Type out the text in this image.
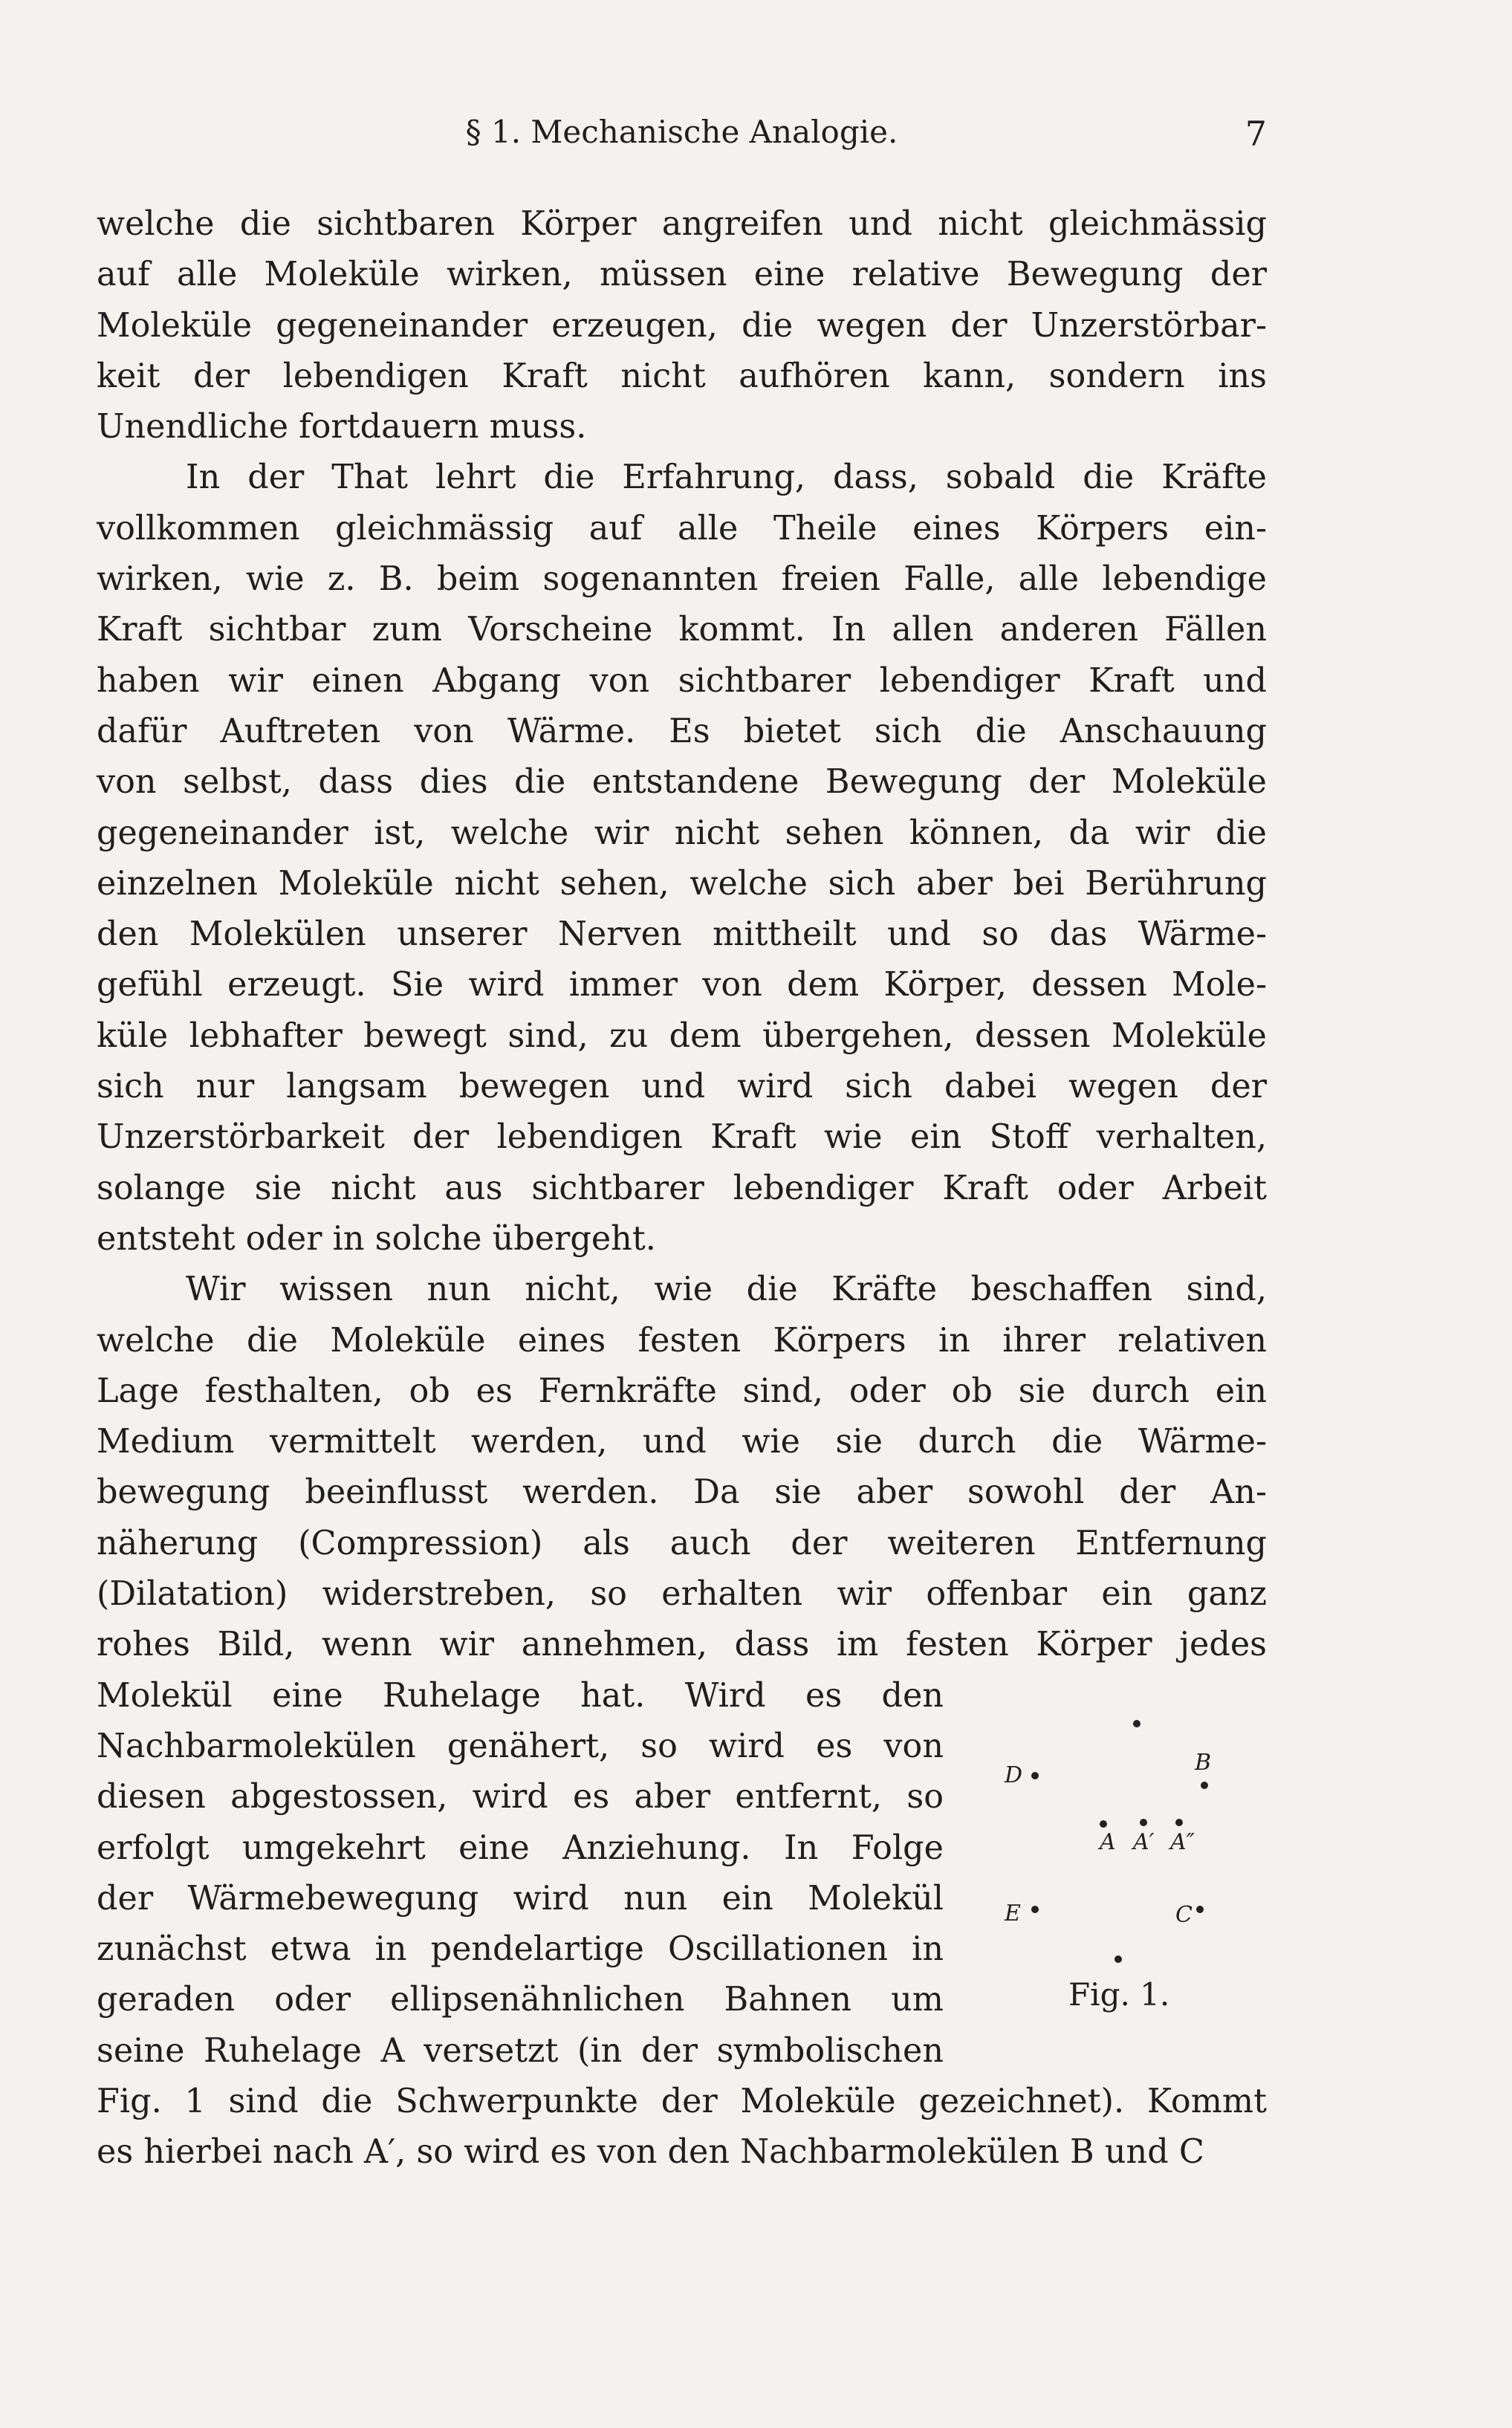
§ 1. Mechanische Analogie.	7

welche die sichtbaren Körper angreifen und nicht gleichmässig
auf alle Moleküle wirken, müssen eine relative Bewegung der
Moleküle gegeneinander erzeugen, die wegen der Unzerstörbar-
keit der lebendigen Kraft nicht aufhören kann, sondern ins
Unendliche fortdauern muss.

In der That lehrt die Erfahrung, dass, sobald die Kräfte
vollkommen gleichmässig auf alle Theile eines Körpers ein-
wirken, wie z. B. beim sogenannten freien Falle, alle lebendige
Kraft sichtbar zum Vorscheine kommt. In allen anderen Fällen
haben wir einen Abgang von sichtbarer lebendiger Kraft und
dafür Auftreten von Wärme. Es bietet sich die Anschauung
von selbst, dass dies die entstandene Bewegung der Moleküle
gegeneinander ist, welche wir nicht sehen können, da wir die
einzelnen Moleküle nicht sehen, welche sich aber bei Berührung
den Molekülen unserer Nerven mittheilt und so das Wärme-
gefühl erzeugt. Sie wird immer von dem Körper, dessen Mole-
küle lebhafter bewegt sind, zu dem übergehen, dessen Moleküle
sich nur langsam bewegen und wird sich dabei wegen der
Unzerstörbarkeit der lebendigen Kraft wie ein Stoff verhalten,
solange sie nicht aus sichtbarer lebendiger Kraft oder Arbeit
entsteht oder in solche übergeht.

Wir wissen nun nicht, wie die Kräfte beschaffen sind,
welche die Moleküle eines festen Körpers in ihrer relativen
Lage festhalten, ob es Fernkräfte sind, oder ob sie durch ein
Medium vermittelt werden, und wie sie durch die Wärme-
bewegung beeinflusst werden. Da sie aber sowohl der An-
näherung (Compression) als auch der weiteren Entfernung
(Dilatation) widerstreben, so erhalten wir offenbar ein ganz
rohes Bild, wenn wir annehmen, dass im festen Körper jedes

Molekül eine Ruhelage hat. Wird es den
Nachbarmolekülen genähert, so wird es von
diesen abgestossen, wird es aber entfernt, so
erfolgt umgekehrt eine Anziehung. In Folge
der Wärmebewegung wird nun ein Molekül
zunächst etwa in pendelartige Oscillationen in
geraden oder ellipsenähnlichen Bahnen um
seine Ruhelage A versetzt (in der symbolischen

Fig. 1 sind die Schwerpunkte der Moleküle gezeichnet). Kommt
es hierbei nach A′, so wird es von den Nachbarmolekülen B und C

B
D
A A′ A″
E	C
Fig. 1.
